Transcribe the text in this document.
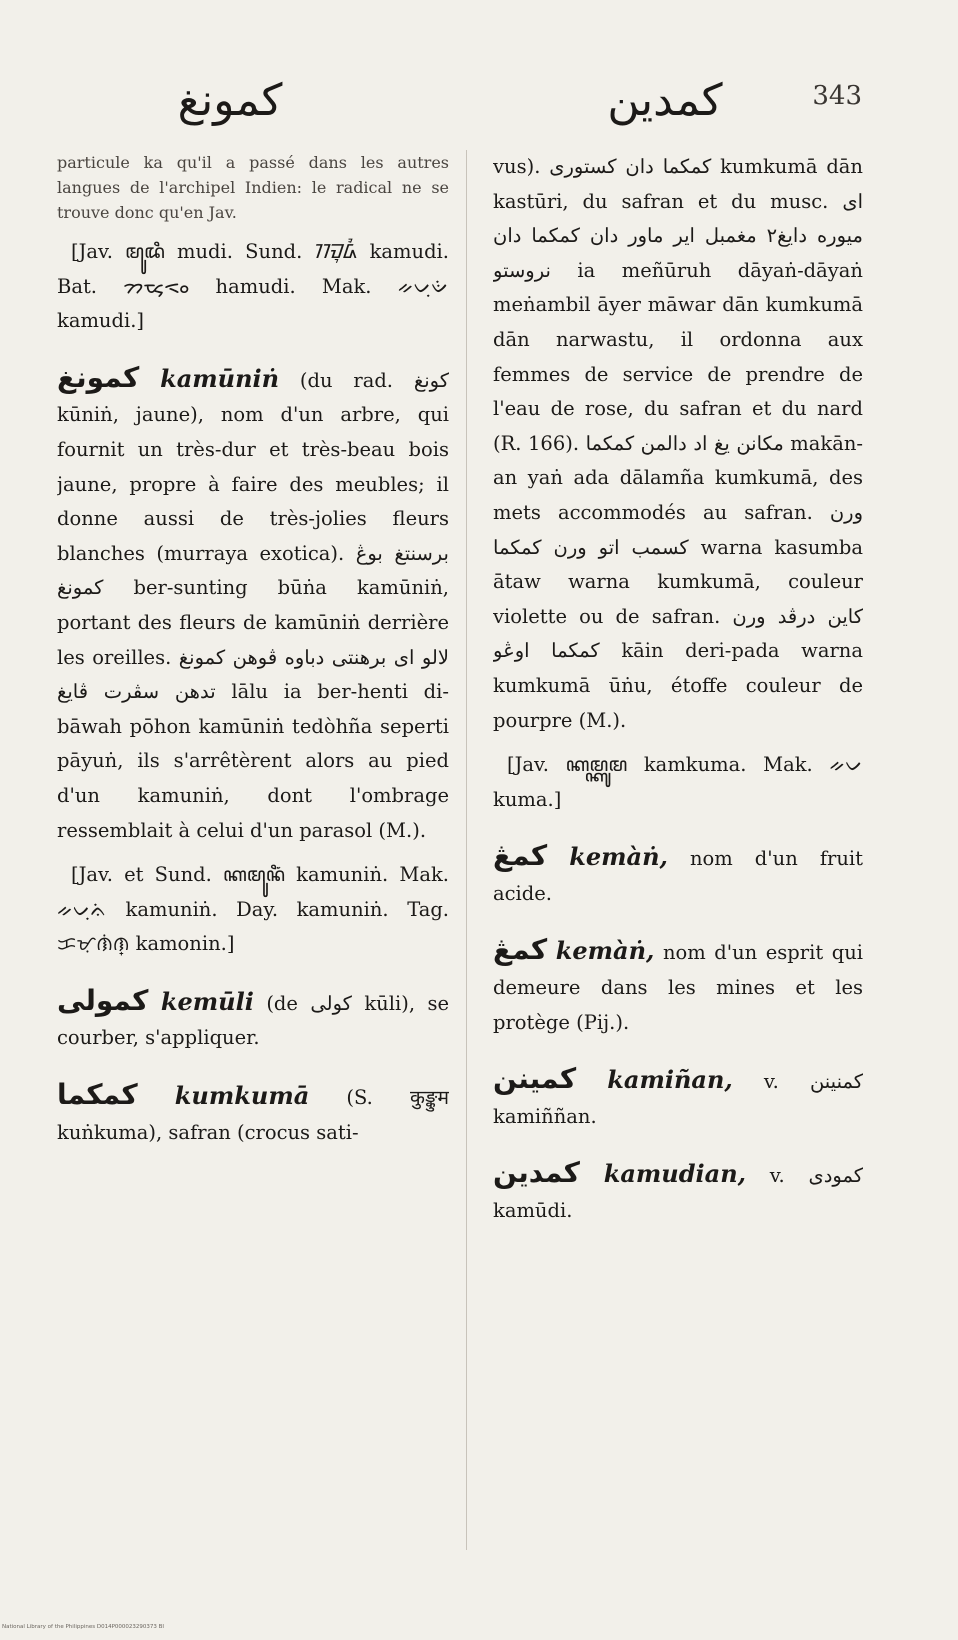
كمونغ	كمدين	343

particule ka qu'il a passé dans les autres langues de l'archipel Indien: le radical ne se trouve donc qu'en Jav.

[Jav. ꦩꦸꦢꦶ mudi. Sund. ᮊᮙᮥᮓᮤ kamudi. Bat. ᯂᯔᯮᯑᯪ hamudi. Mak. ᨀᨆᨘᨉᨗ kamudi.]

كمونغ kamūniṅ (du rad. كونغ kūniṅ, jaune), nom d'un arbre, qui fournit un très-dur et très-beau bois jaune, propre à faire des meubles; il donne aussi de très-jolies fleurs blanches (murraya exotica). برسنتغ بوڠ كمونغ ber-sunting būṅa kamūniṅ, portant des fleurs de kamūniṅ derrière les oreilles. لالو اى برهنتى دباوه ڤوهن كمونغ تدهن سڤرت ڤايغ lālu ia ber-henti di-bāwah pōhon kamūniṅ tedòhña seperti pāyuṅ, ils s'arrêtèrent alors au pied d'un kamuniṅ, dont l'ombrage ressemblait à celui d'un parasol (M.).

[Jav. et Sund. ꦏꦩꦸꦤꦶꦁ kamuniṅ. Mak. ᨀᨆᨘᨊᨗ kamuniṅ. Day. kamuniṅ. Tag. ᜃᜋᜓᜈᜒᜈ᜔ kamonin.]

كمولى kemūli (de كولى kūli), se courber, s'appliquer.

كمكما kumkumā (S. कुङ्कुम kuṅkuma), safran (crocus sati-

vus). كمكما دان كستورى kumkumā dān kastūri, du safran et du musc. اى ميوره دايغ٢ مغمبل اير ماور دان كمكما دان نروستو ia meñūruh dāyaṅ-dāyaṅ meṅambil āyer māwar dān kumkumā dān narwastu, il ordonna aux femmes de service de prendre de l'eau de rose, du safran et du nard (R. 166). مكانن يغ اد دالمن كمكما makān-an yaṅ ada dālamña kumkumā, des mets accommodés au safran. ورن كسمب اتو ورن كمكما warna kasumba ātaw warna kumkumā, couleur violette ou de safran. كاين درڤد ورن كمكما اوڠو kāin deri-pada warna kumkumā ūṅu, étoffe couleur de pourpre (M.).

[Jav. ꦏꦩ꧀ꦏꦸꦩ kamkuma. Mak. ᨀᨆ kuma.]

كمڠ kemàṅ, nom d'un fruit acide.

كمڠ kemàṅ, nom d'un esprit qui demeure dans les mines et les protège (Pij.).

كمينن kamiñan, v. كمنينن kamiññan.

كمدين kamudian, v. كمودى kamūdi.

National Library of the Philippines D014P000023290373 BI
